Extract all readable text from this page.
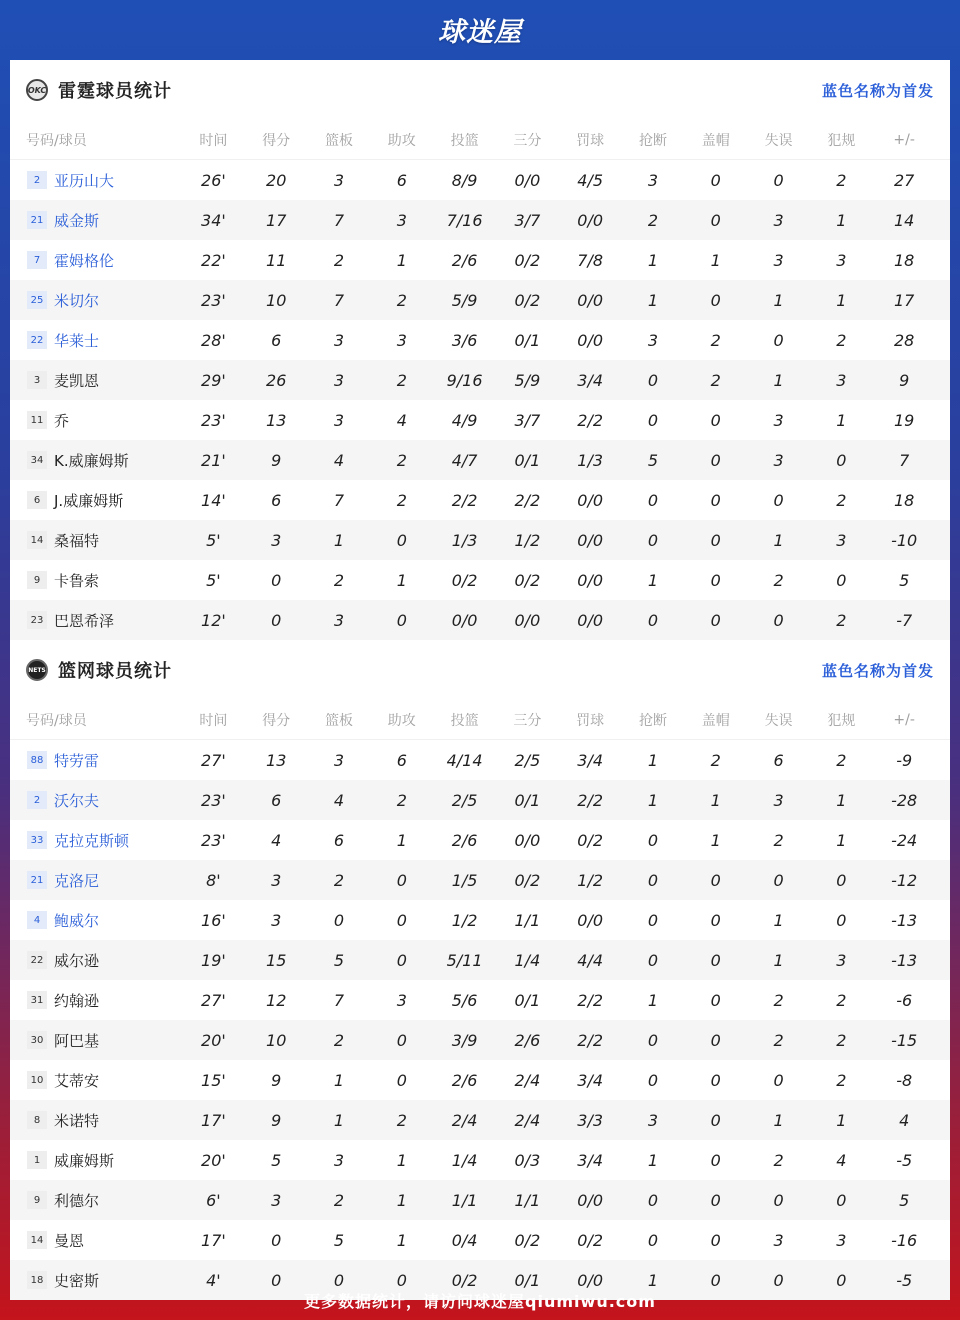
球迷屋
OKC 雷霆球员统计	蓝色名称为首发
号码/球员	时间	得分	篮板	助攻	投篮	三分	罚球	抢断	盖帽	失误	犯规	+/-
2 亚历山大	26'	20	3	6	8/9	0/0	4/5	3	0	0	2	27
21 威金斯	34'	17	7	3	7/16	3/7	0/0	2	0	3	1	14
7 霍姆格伦	22'	11	2	1	2/6	0/2	7/8	1	1	3	3	18
25 米切尔	23'	10	7	2	5/9	0/2	0/0	1	0	1	1	17
22 华莱士	28'	6	3	3	3/6	0/1	0/0	3	2	0	2	28
3 麦凯恩	29'	26	3	2	9/16	5/9	3/4	0	2	1	3	9
11 乔	23'	13	3	4	4/9	3/7	2/2	0	0	3	1	19
34 K.威廉姆斯	21'	9	4	2	4/7	0/1	1/3	5	0	3	0	7
6 J.威廉姆斯	14'	6	7	2	2/2	2/2	0/0	0	0	0	2	18
14 桑福特	5'	3	1	0	1/3	1/2	0/0	0	0	1	3	-10
9 卡鲁索	5'	0	2	1	0/2	0/2	0/0	1	0	2	0	5
23 巴恩希泽	12'	0	3	0	0/0	0/0	0/0	0	0	0	2	-7
NETS 篮网球员统计	蓝色名称为首发
号码/球员	时间	得分	篮板	助攻	投篮	三分	罚球	抢断	盖帽	失误	犯规	+/-
88 特劳雷	27'	13	3	6	4/14	2/5	3/4	1	2	6	2	-9
2 沃尔夫	23'	6	4	2	2/5	0/1	2/2	1	1	3	1	-28
33 克拉克斯顿	23'	4	6	1	2/6	0/0	0/2	0	1	2	1	-24
21 克洛尼	8'	3	2	0	1/5	0/2	1/2	0	0	0	0	-12
4 鲍威尔	16'	3	0	0	1/2	1/1	0/0	0	0	1	0	-13
22 威尔逊	19'	15	5	0	5/11	1/4	4/4	0	0	1	3	-13
31 约翰逊	27'	12	7	3	5/6	0/1	2/2	1	0	2	2	-6
30 阿巴基	20'	10	2	0	3/9	2/6	2/2	0	0	2	2	-15
10 艾蒂安	15'	9	1	0	2/6	2/4	3/4	0	0	0	2	-8
8 米诺特	17'	9	1	2	2/4	2/4	3/3	3	0	1	1	4
1 威廉姆斯	20'	5	3	1	1/4	0/3	3/4	1	0	2	4	-5
9 利德尔	6'	3	2	1	1/1	1/1	0/0	0	0	0	0	5
14 曼恩	17'	0	5	1	0/4	0/2	0/2	0	0	3	3	-16
18 史密斯	4'	0	0	0	0/2	0/1	0/0	1	0	0	0	-5
更多数据统计，请访问球迷屋qiumiwu.com
